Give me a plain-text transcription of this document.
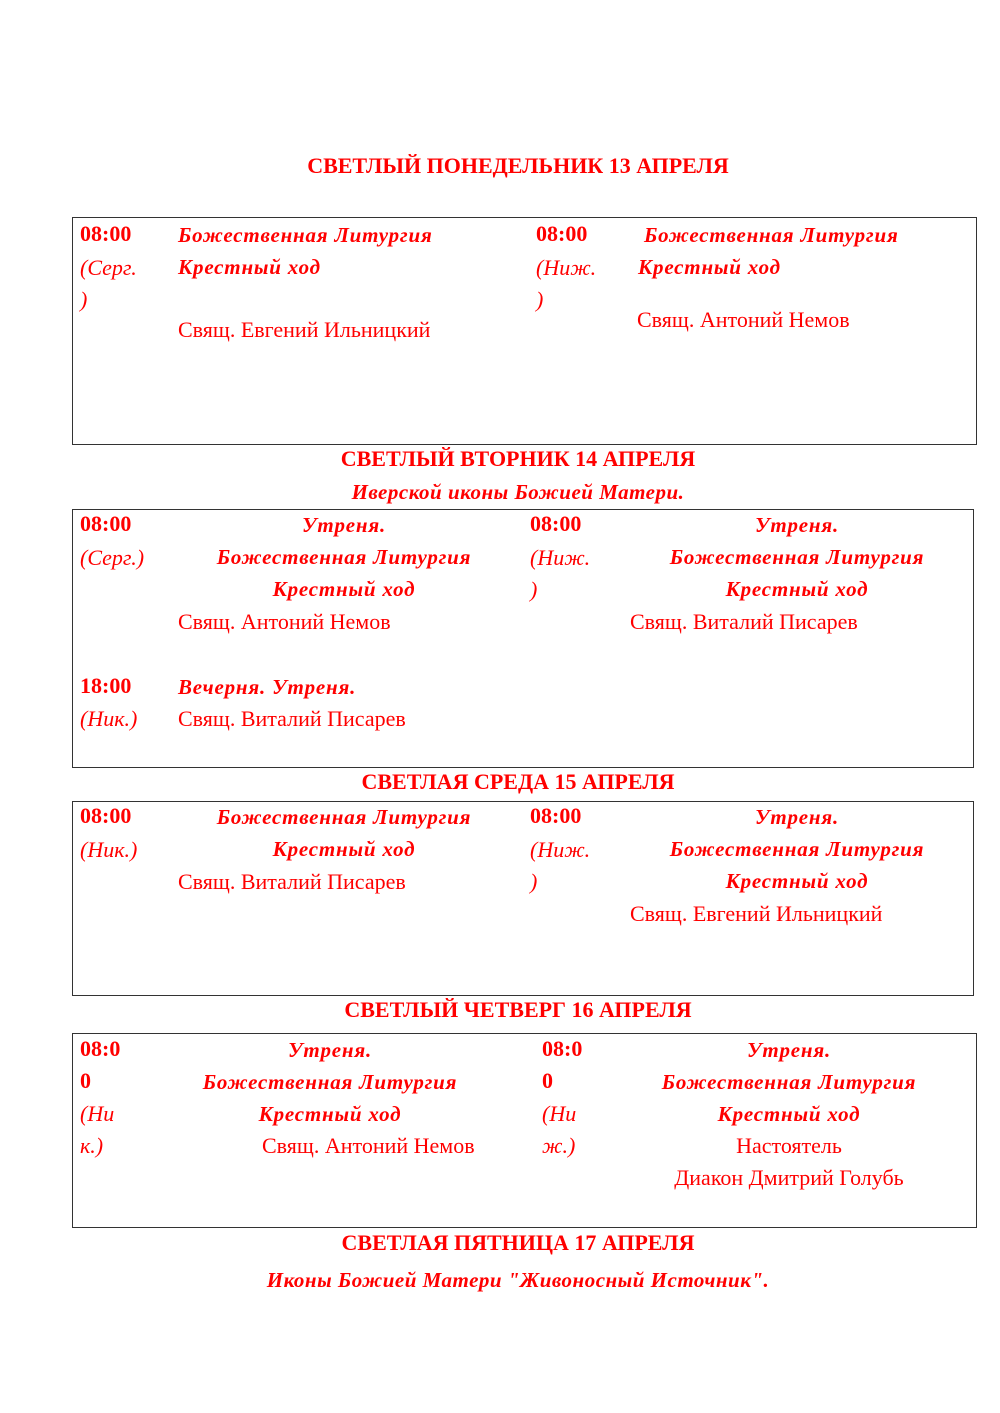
СВЕТЛЫЙ ПОНЕДЕЛЬНИК 13 АПРЕЛЯ
08:00
(Серг.
)
Божественная Литургия
Крестный ход
Свящ. Евгений Ильницкий
08:00
(Ниж.
)
Божественная Литургия
Крестный ход
Свящ. Антоний Немов
СВЕТЛЫЙ ВТОРНИК 14 АПРЕЛЯ
Иверской иконы Божией Матери.
08:00
(Серг.)
Утреня.
Божественная Литургия
Крестный ход
Свящ. Антоний Немов
08:00
(Ниж.
)
Утреня.
Божественная Литургия
Крестный ход
Свящ. Виталий Писарев
18:00
(Ник.)
Вечерня. Утреня.
Свящ. Виталий Писарев
СВЕТЛАЯ СРЕДА 15 АПРЕЛЯ
08:00
(Ник.)
Божественная Литургия
Крестный ход
Свящ. Виталий Писарев
08:00
(Ниж.
)
Утреня.
Божественная Литургия
Крестный ход
Свящ. Евгений Ильницкий
СВЕТЛЫЙ ЧЕТВЕРГ 16 АПРЕЛЯ
08:0
0
(Ни
к.)
Утреня.
Божественная Литургия
Крестный ход
Свящ. Антоний Немов
08:0
0
(Ни
ж.)
Утреня.
Божественная Литургия
Крестный ход
Настоятель
Диакон Дмитрий Голубь
СВЕТЛАЯ ПЯТНИЦА 17 АПРЕЛЯ
Иконы Божией Матери "Живоносный Источник".
